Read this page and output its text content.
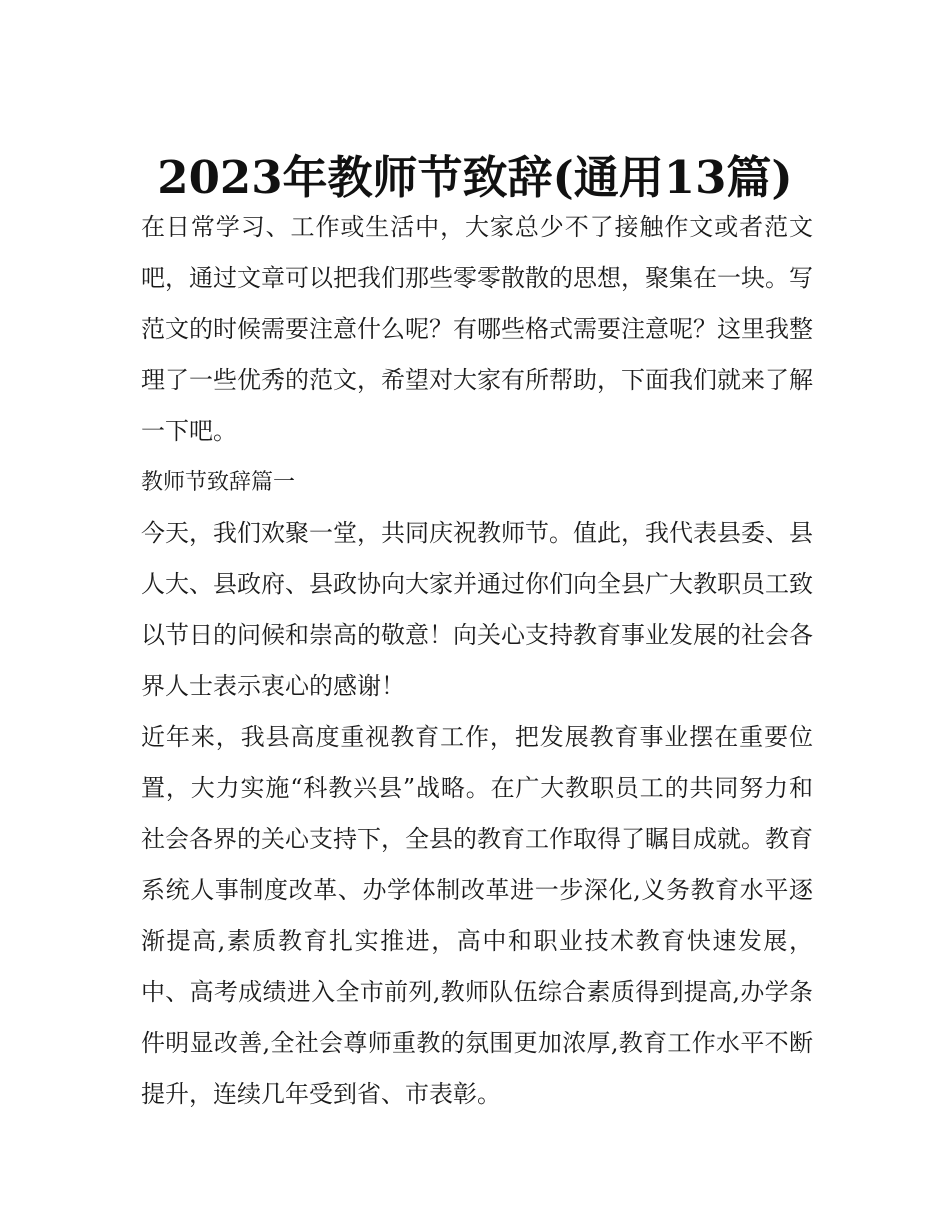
2023年教师节致辞(通用13篇)

在日常学习、工作或生活中，大家总少不了接触作文或者范文吧，通过文章可以把我们那些零零散散的思想，聚集在一块。写范文的时候需要注意什么呢？有哪些格式需要注意呢？这里我整理了一些优秀的范文，希望对大家有所帮助，下面我们就来了解一下吧。

教师节致辞篇一

今天，我们欢聚一堂，共同庆祝教师节。值此，我代表县委、县人大、县政府、县政协向大家并通过你们向全县广大教职员工致以节日的问候和崇高的敬意！向关心支持教育事业发展的社会各界人士表示衷心的感谢！

近年来，我县高度重视教育工作，把发展教育事业摆在重要位置，大力实施“科教兴县”战略。在广大教职员工的共同努力和社会各界的关心支持下，全县的教育工作取得了瞩目成就。教育系统人事制度改革、办学体制改革进一步深化,义务教育水平逐渐提高,素质教育扎实推进，高中和职业技术教育快速发展，中、高考成绩进入全市前列,教师队伍综合素质得到提高,办学条件明显改善,全社会尊师重教的氛围更加浓厚,教育工作水平不断提升，连续几年受到省、市表彰。
